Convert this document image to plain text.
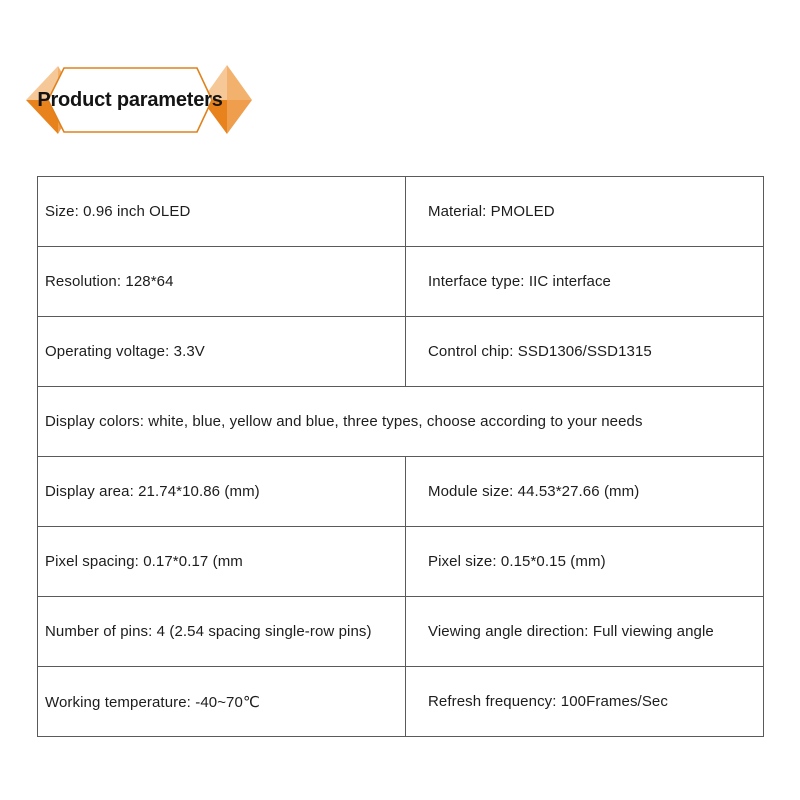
Product parameters
Size: 0.96 inch OLED	Material: PMOLED
Resolution: 128*64	Interface type: IIC interface
Operating voltage: 3.3V	Control chip: SSD1306/SSD1315
Display colors: white, blue, yellow and blue, three types, choose according to your needs	
Display area: 21.74*10.86 (mm)	Module size: 44.53*27.66 (mm)
Pixel spacing: 0.17*0.17 (mm	Pixel size: 0.15*0.15 (mm)
Number of pins: 4 (2.54 spacing single-row pins)	Viewing angle direction: Full viewing angle
Working temperature: -40~70℃	Refresh frequency: 100Frames/Sec
